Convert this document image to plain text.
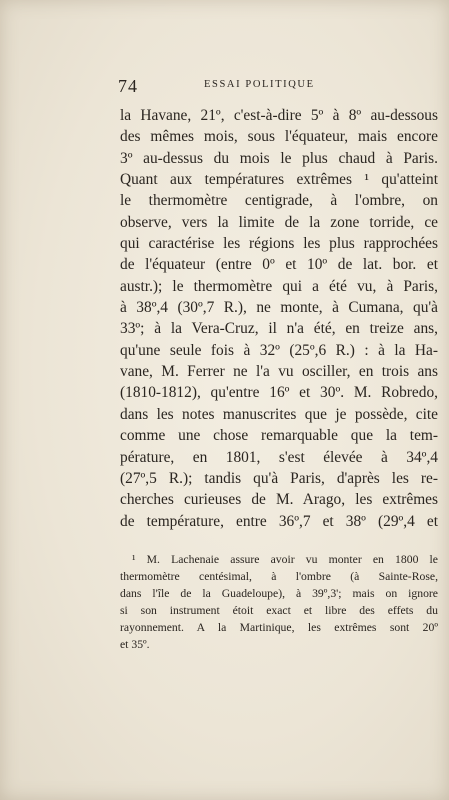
74	ESSAI POLITIQUE
la Havane, 21º, c'est-à-dire 5º à 8º au-dessous
des mêmes mois, sous l'équateur, mais encore
3º au-dessus du mois le plus chaud à Paris.
Quant aux températures extrêmes ¹ qu'atteint
le thermomètre centigrade, à l'ombre, on
observe, vers la limite de la zone torride, ce
qui caractérise les régions les plus rapprochées
de l'équateur (entre 0º et 10º de lat. bor. et
austr.); le thermomètre qui a été vu, à Paris,
à 38º,4 (30º,7 R.), ne monte, à Cumana, qu'à
33º; à la Vera-Cruz, il n'a été, en treize ans,
qu'une seule fois à 32º (25º,6 R.) : à la Ha-
vane, M. Ferrer ne l'a vu osciller, en trois ans
(1810-1812), qu'entre 16º et 30º. M. Robredo,
dans les notes manuscrites que je possède, cite
comme une chose remarquable que la tem-
pérature, en 1801, s'est élevée à 34º,4
(27º,5 R.); tandis qu'à Paris, d'après les re-
cherches curieuses de M. Arago, les extrêmes
de température, entre 36º,7 et 38º (29º,4 et
¹ M. Lachenaie assure avoir vu monter en 1800 le
thermomètre centésimal, à l'ombre (à Sainte-Rose,
dans l'île de la Guadeloupe), à 39º,3'; mais on ignore
si son instrument étoit exact et libre des effets du
rayonnement. A la Martinique, les extrêmes sont 20º
et 35º.
